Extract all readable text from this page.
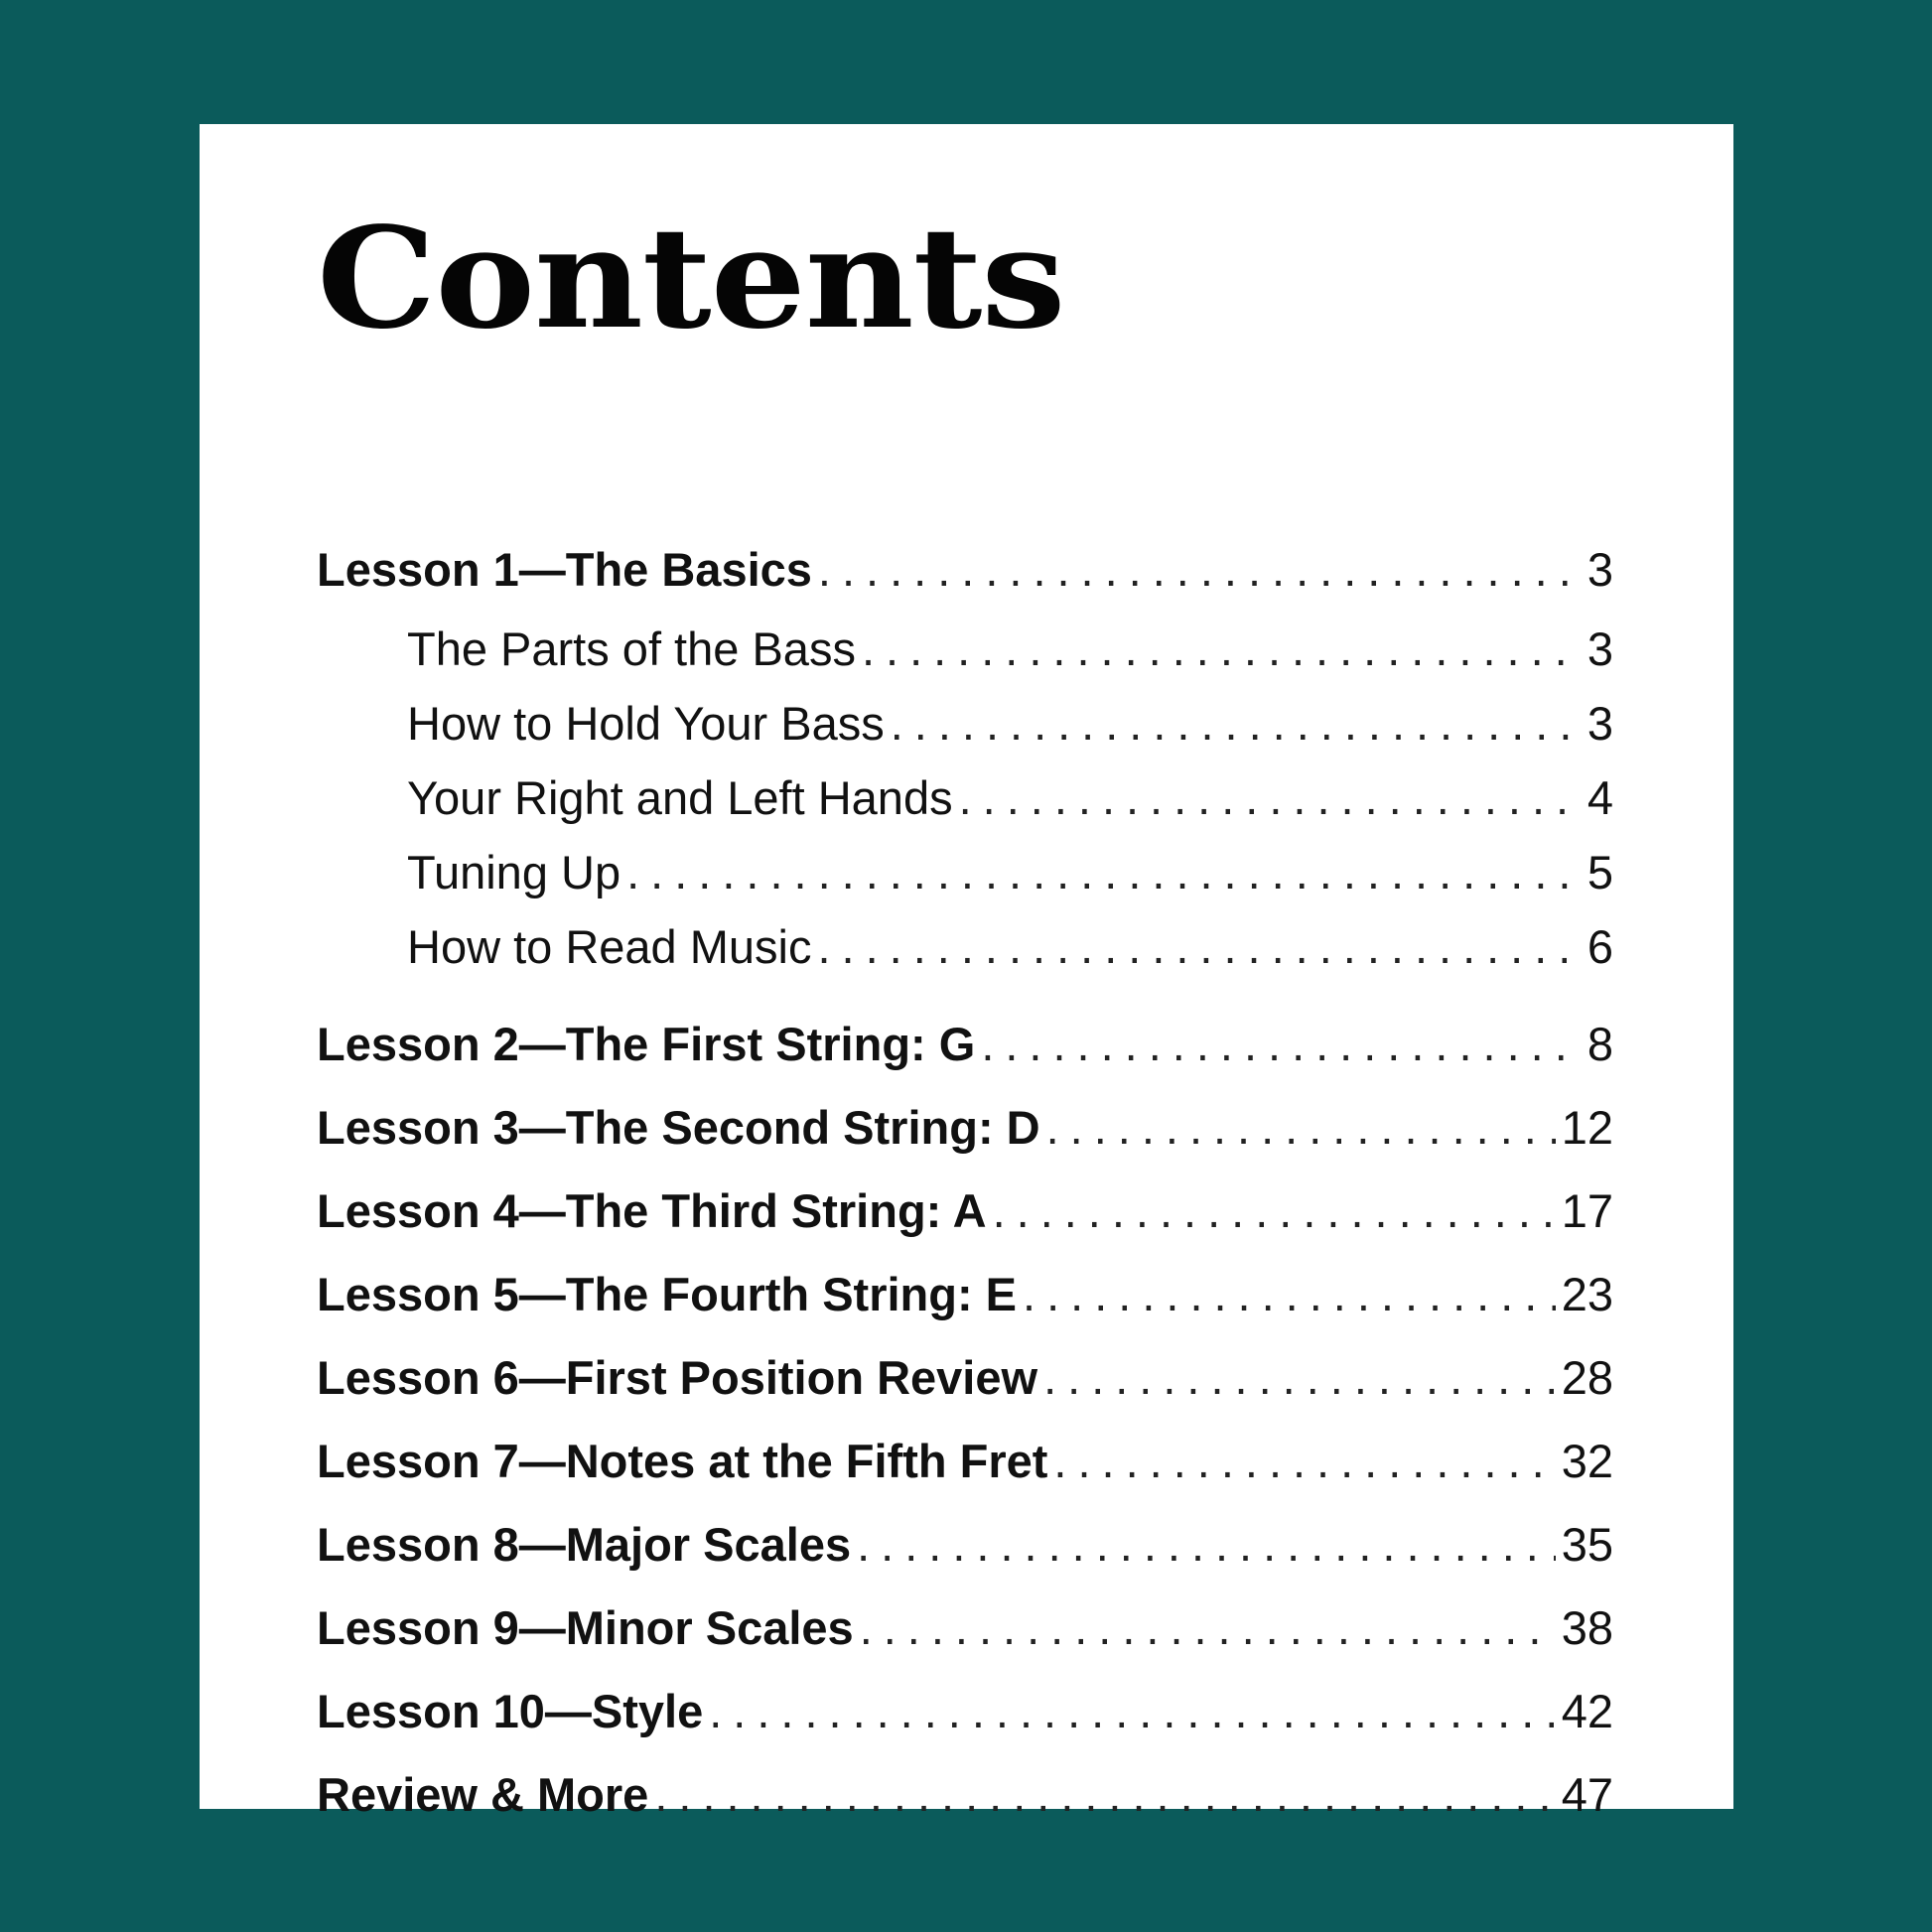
Contents
Lesson 1—The Basics .....	3
The Parts of the Bass .....	3
How to Hold Your Bass .....	3
Your Right and Left Hands .....	4
Tuning Up .....	5
How to Read Music .....	6
Lesson 2—The First String: G .....	8
Lesson 3—The Second String: D .....	12
Lesson 4—The Third String: A .....	17
Lesson 5—The Fourth String: E .....	23
Lesson 6—First Position Review .....	28
Lesson 7—Notes at the Fifth Fret .....	32
Lesson 8—Major Scales .....	35
Lesson 9—Minor Scales .....	38
Lesson 10—Style .....	42
Review & More .....	47
